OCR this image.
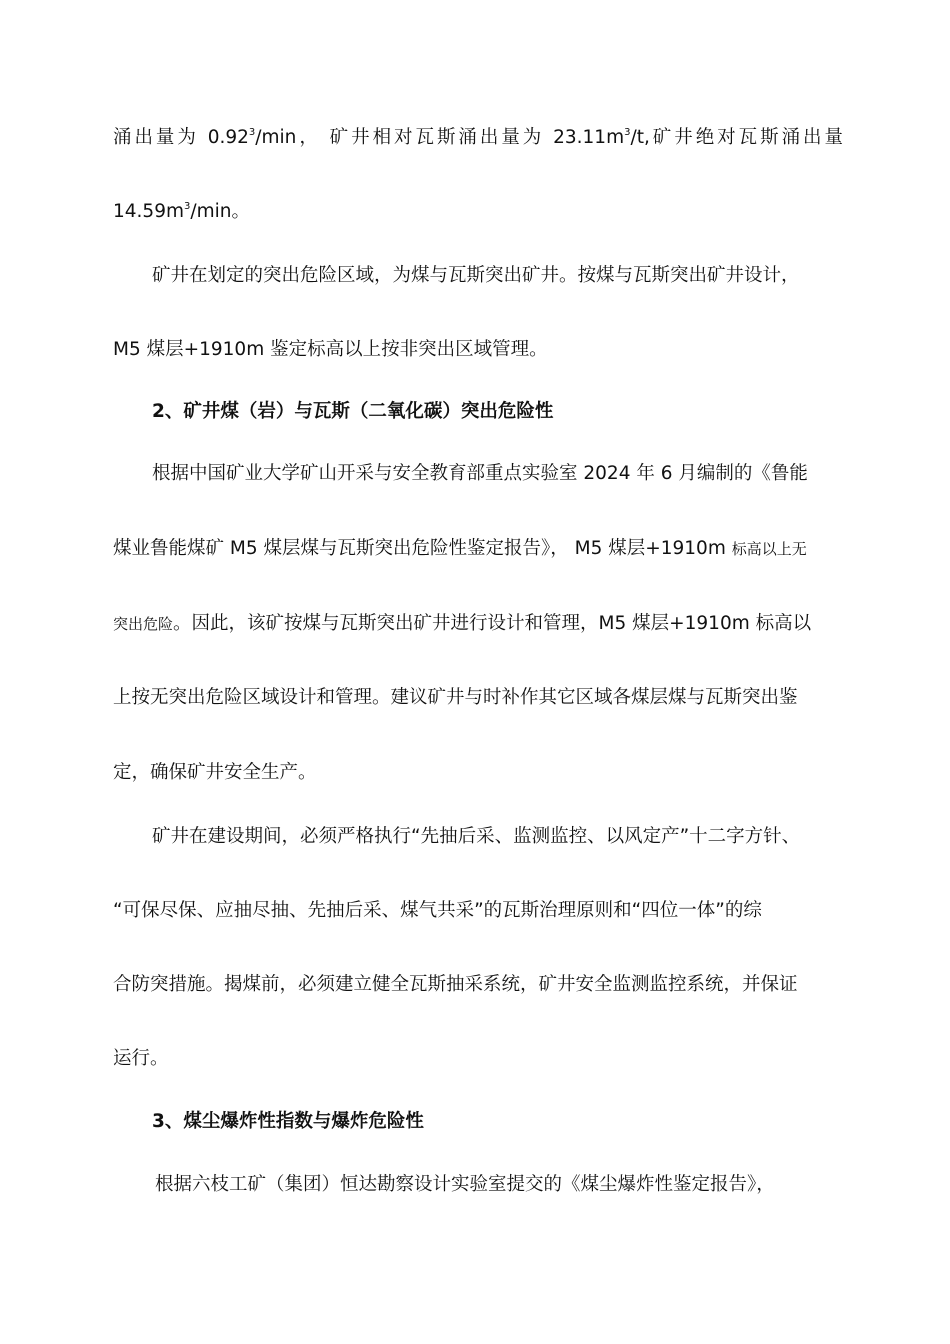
涌出量为 0.92$^3$/min， 矿井相对瓦斯涌出量为 $23.11m^3/t$,矿井绝对瓦斯涌出量
$14.59m^3/\min$。
矿井在划定的突出危险区域，为煤与瓦斯突出矿井。按煤与瓦斯突出矿井设计，
M5 煤层+1910m 鉴定标高以上按非突出区域管理。
2、矿井煤（岩）与瓦斯（二氧化碳）突出危险性
根据中国矿业大学矿山开采与安全教育部重点实验室 2024 年 6 月编制的《鲁能
煤业鲁能煤矿 M5 煤层煤与瓦斯突出危险性鉴定报告》， M5 煤层+1910m 标高以上无
突出危险。因此，该矿按煤与瓦斯突出矿井进行设计和管理，M5 煤层+1910m 标高以
上按无突出危险区域设计和管理。建议矿井与时补作其它区域各煤层煤与瓦斯突出鉴
定，确保矿井安全生产。
矿井在建设期间，必须严格执行“先抽后采、监测监控、以风定产”十二字方针、
“可保尽保、应抽尽抽、先抽后采、煤气共采”的瓦斯治理原则和“四位一体”的综
合防突措施。揭煤前，必须建立健全瓦斯抽采系统，矿井安全监测监控系统，并保证
运行。
3、煤尘爆炸性指数与爆炸危险性
根据六枝工矿（集团）恒达勘察设计实验室提交的《煤尘爆炸性鉴定报告》，
